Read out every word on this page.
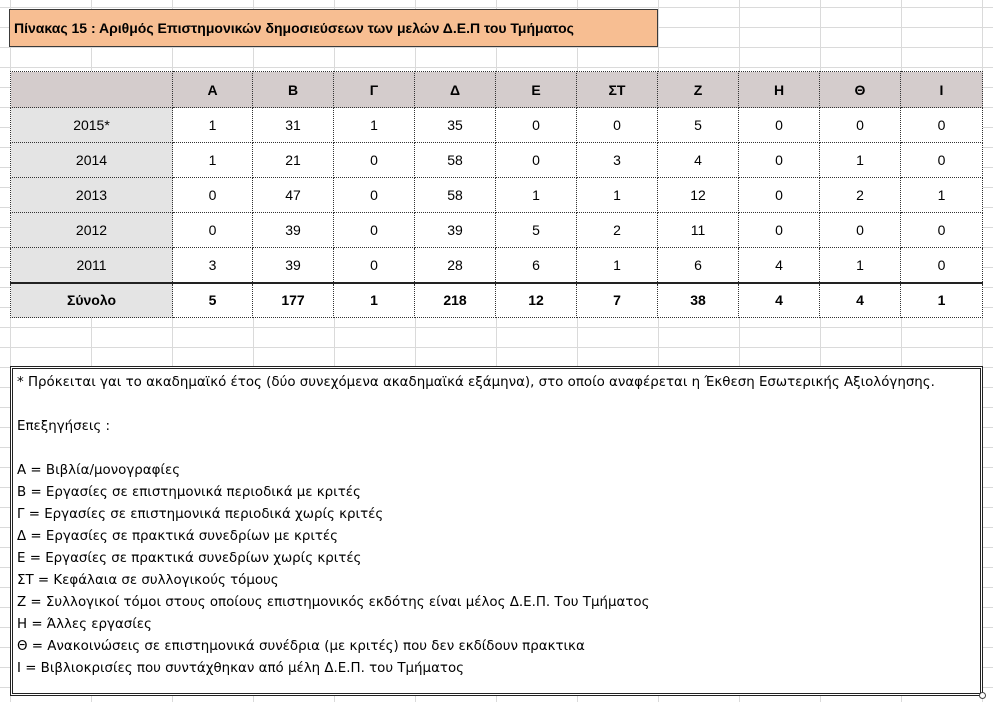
Πίνακας 15 : Αριθμός Επιστημονικών δημοσιεύσεων των μελών Δ.Ε.Π του Τμήματος
	Α	Β	Γ	Δ	Ε	ΣΤ	Ζ	Η	Θ	Ι
2015*	1	31	1	35	0	0	5	0	0	0
2014	1	21	0	58	0	3	4	0	1	0
2013	0	47	0	58	1	1	12	0	2	1
2012	0	39	0	39	5	2	11	0	0	0
2011	3	39	0	28	6	1	6	4	1	0
Σύνολο	5	177	1	218	12	7	38	4	4	1
* Πρόκειται γαι το ακαδημαϊκό έτος (δύο συνεχόμενα ακαδημαϊκά εξάμηνα), στο οποίο αναφέρεται η Έκθεση Εσωτερικής Αξιολόγησης.
Επεξηγήσεις :
Α = Βιβλία/μονογραφίες
Β = Εργασίες σε επιστημονικά περιοδικά με κριτές
Γ = Εργασίες σε επιστημονικά περιοδικά χωρίς κριτές
Δ = Εργασίες σε πρακτικά συνεδρίων με κριτές
Ε = Εργασίες σε πρακτικά συνεδρίων χωρίς κριτές
ΣΤ = Κεφάλαια σε συλλογικούς τόμους
Ζ = Συλλογικοί τόμοι στους οποίους επιστημονικός εκδότης είναι μέλος Δ.Ε.Π. Του Τμήματος
Η = Άλλες εργασίες
Θ = Ανακοινώσεις σε επιστημονικά συνέδρια (με κριτές) που δεν εκδίδουν πρακτικα
Ι = Βιβλιοκρισίες που συντάχθηκαν από μέλη Δ.Ε.Π. του Τμήματος
